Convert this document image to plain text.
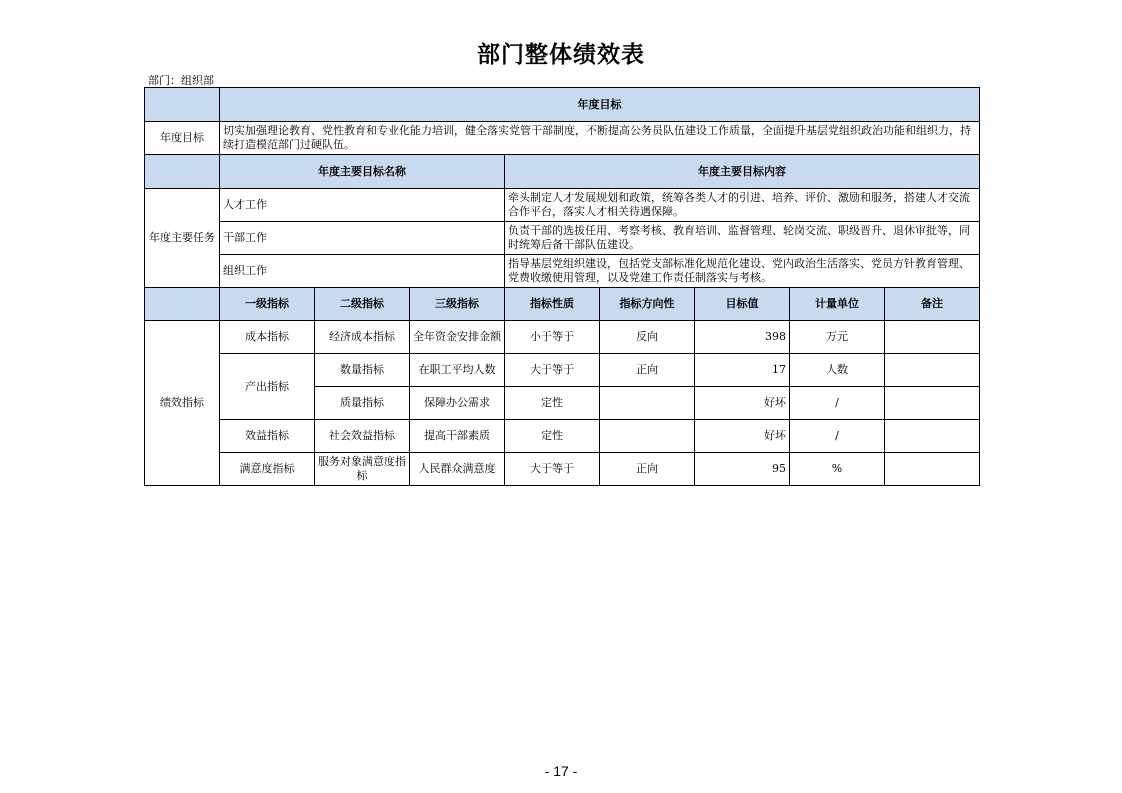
部门整体绩效表
部门：组织部
	年度目标							
年度目标	切实加强理论教育、党性教育和专业化能力培训，健全落实党管干部制度，不断提高公务员队伍建设工作质量，全面提升基层党组织政治功能和组织力，持续打造模范部门过硬队伍。							
	年度主要目标名称			年度主要目标内容				
年度主要任务	人才工作			牵头制定人才发展规划和政策，统筹各类人才的引进、培养、评价、激励和服务，搭建人才交流合作平台，落实人才相关待遇保障。				
	干部工作			负责干部的选拔任用、考察考核、教育培训、监督管理、轮岗交流、职级晋升、退休审批等，同时统筹后备干部队伍建设。				
	组织工作			指导基层党组织建设，包括党支部标准化规范化建设、党内政治生活落实、党员方针教育管理、党费收缴使用管理，以及党建工作责任制落实与考核。				
	一级指标	二级指标	三级指标	指标性质	指标方向性	目标值	计量单位	备注
绩效指标	成本指标	经济成本指标	全年资金安排金额	小于等于	反向	398	万元	
	产出指标	数量指标	在职工平均人数	大于等于	正向	17	人数	
		质量指标	保障办公需求	定性		好坏	/	
	效益指标	社会效益指标	提高干部素质	定性		好坏	/	
	满意度指标	服务对象满意度指标	人民群众满意度	大于等于	正向	95	%	
- 17 -
